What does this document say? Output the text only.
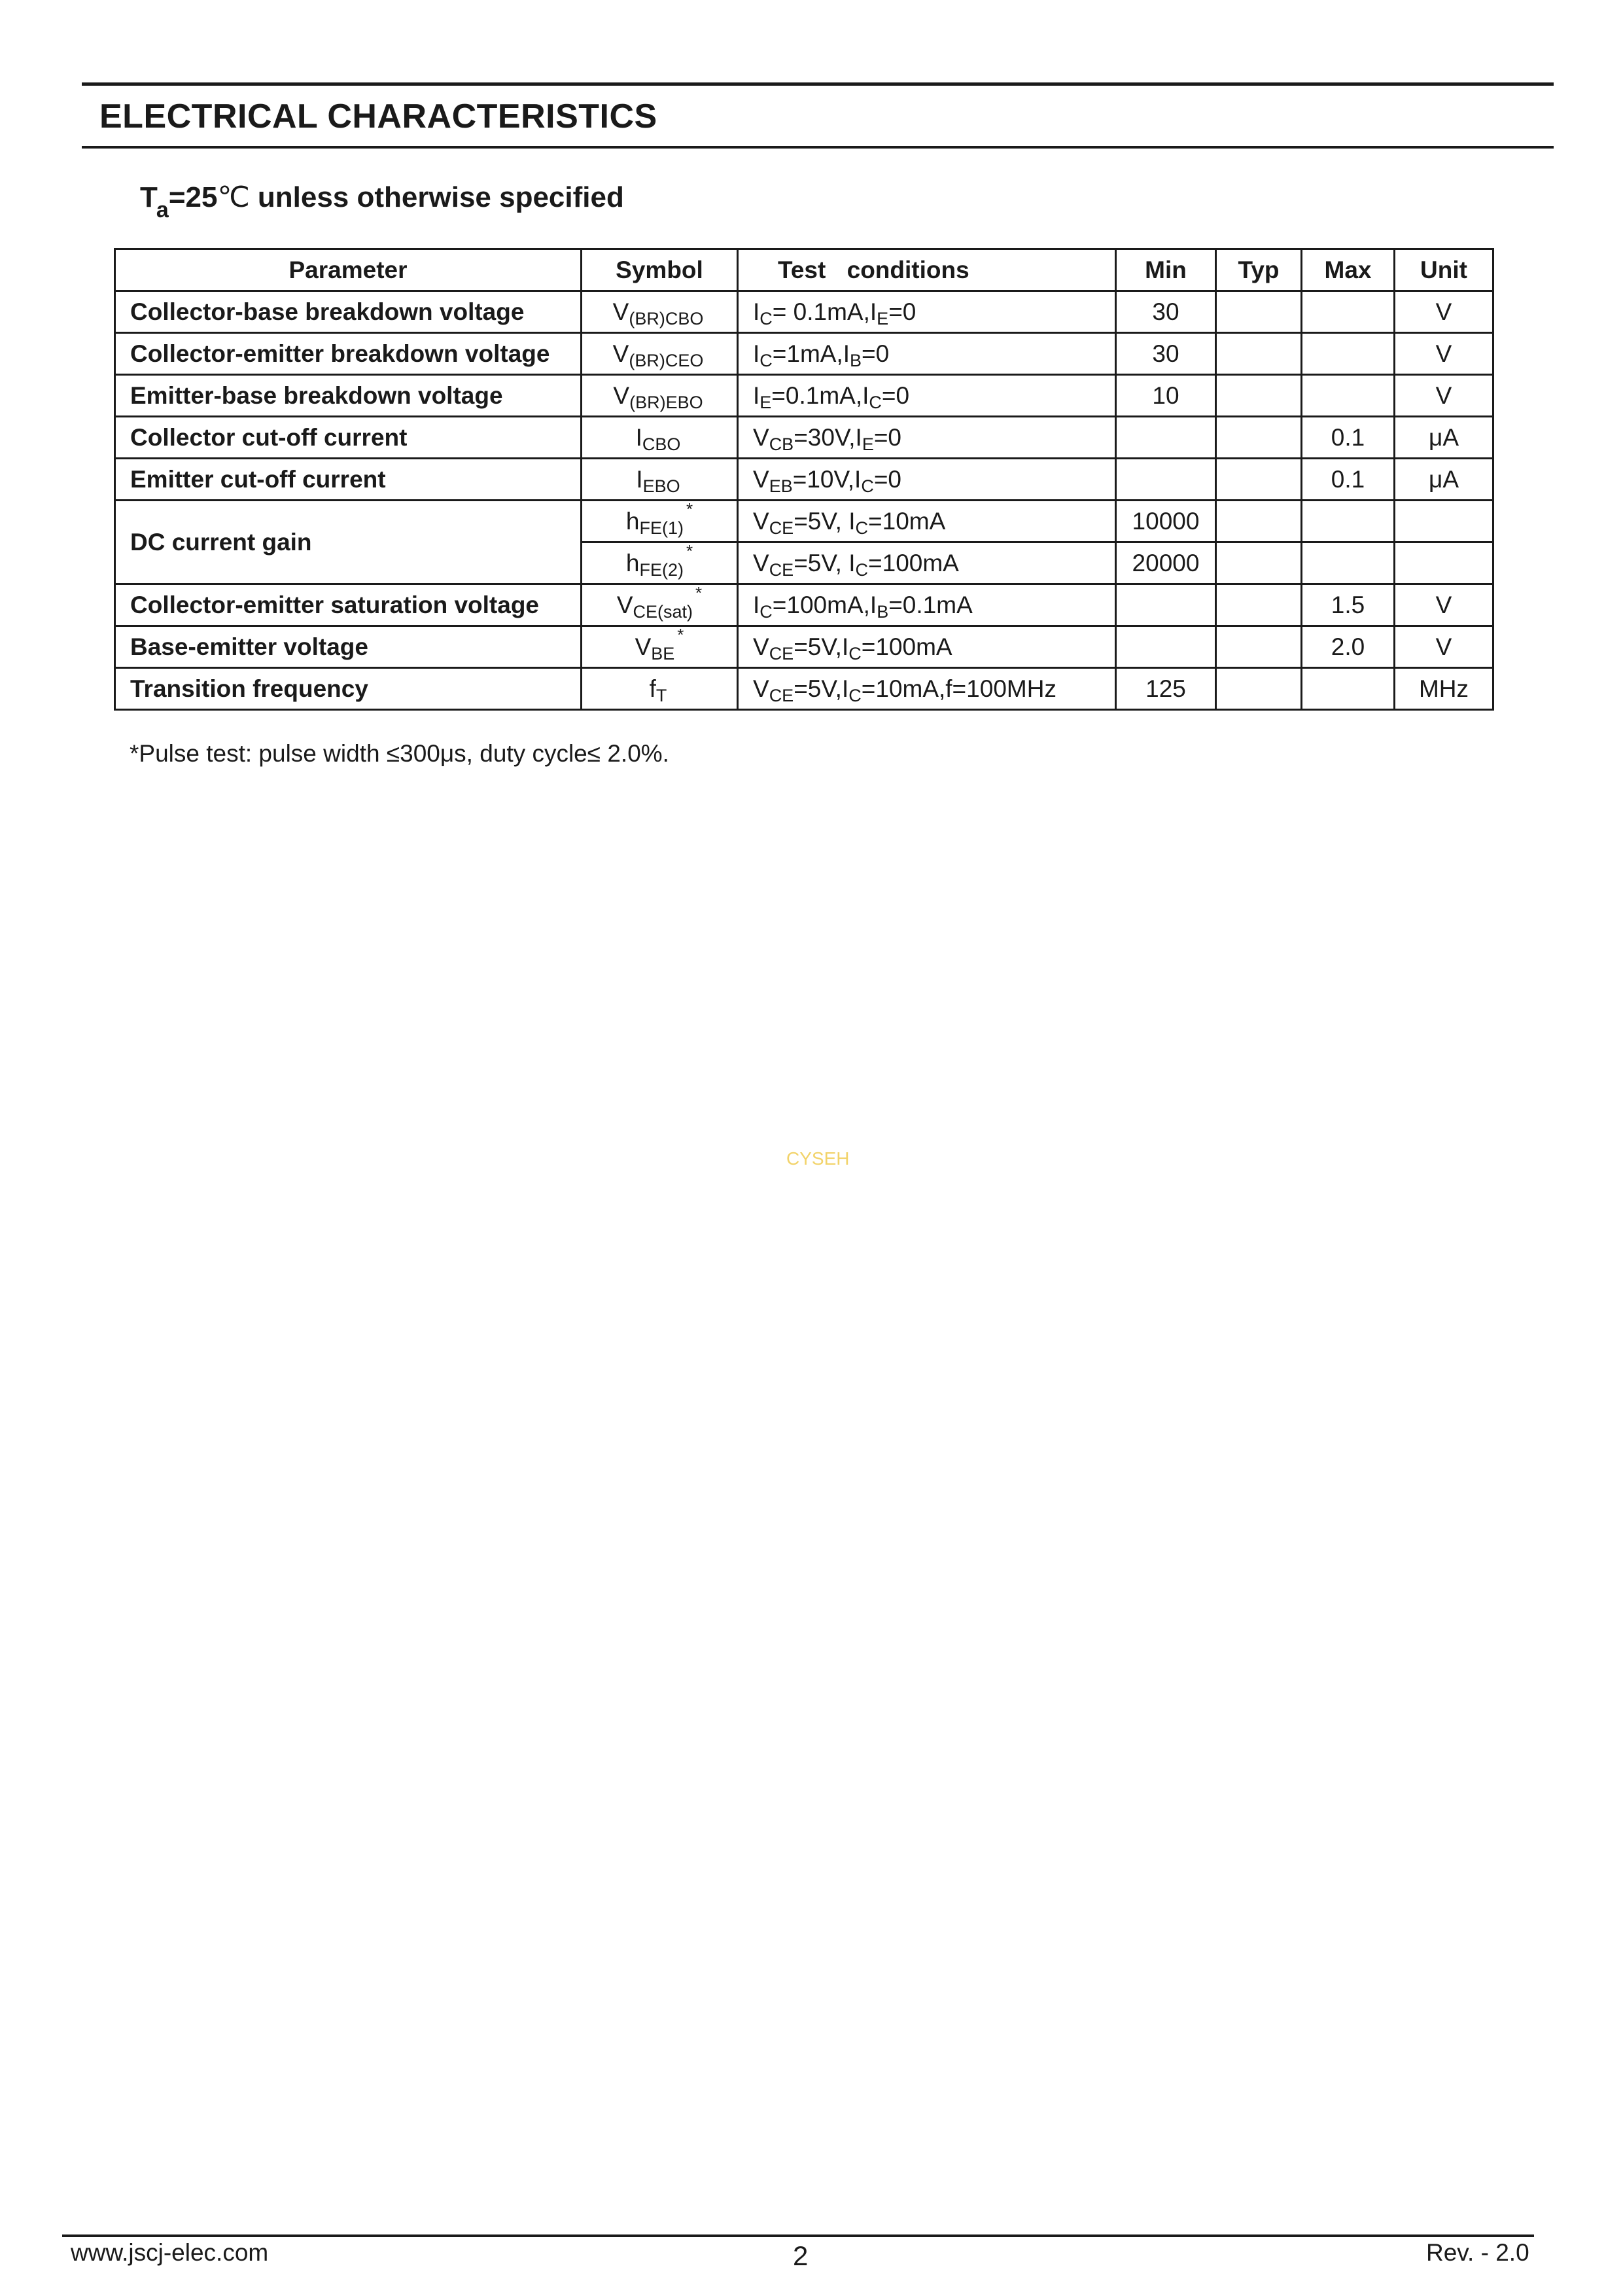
ELECTRICAL CHARACTERISTICS
$T_a=25℃$ unless otherwise specified
Parameter	Symbol	Test conditions	Min	Typ	Max	Unit
Collector-base breakdown voltage	V(BR)CBO	IC= 0.1mA,IE=0	30			V
Collector-emitter breakdown voltage	V(BR)CEO	IC=1mA,IB=0	30			V
Emitter-base breakdown voltage	V(BR)EBO	IE=0.1mA,IC=0	10			V
Collector cut-off current	ICBO	VCB=30V,IE=0			0.1	μA
Emitter cut-off current	IEBO	VEB=10V,IC=0			0.1	μA
DC current gain	hFE(1)*	VCE=5V, IC=10mA	10000			
	hFE(2)*	VCE=5V, IC=100mA	20000			
Collector-emitter saturation voltage	VCE(sat)*	IC=100mA,IB=0.1mA			1.5	V
Base-emitter voltage	VBE*	VCE=5V,IC=100mA			2.0	V
Transition frequency	fT	VCE=5V,IC=10mA,f=100MHz	125			MHz
*Pulse test: pulse width ≤300μs, duty cycle≤ 2.0%.
CYSEH
www.jscj-elec.com	2	Rev. - 2.0
